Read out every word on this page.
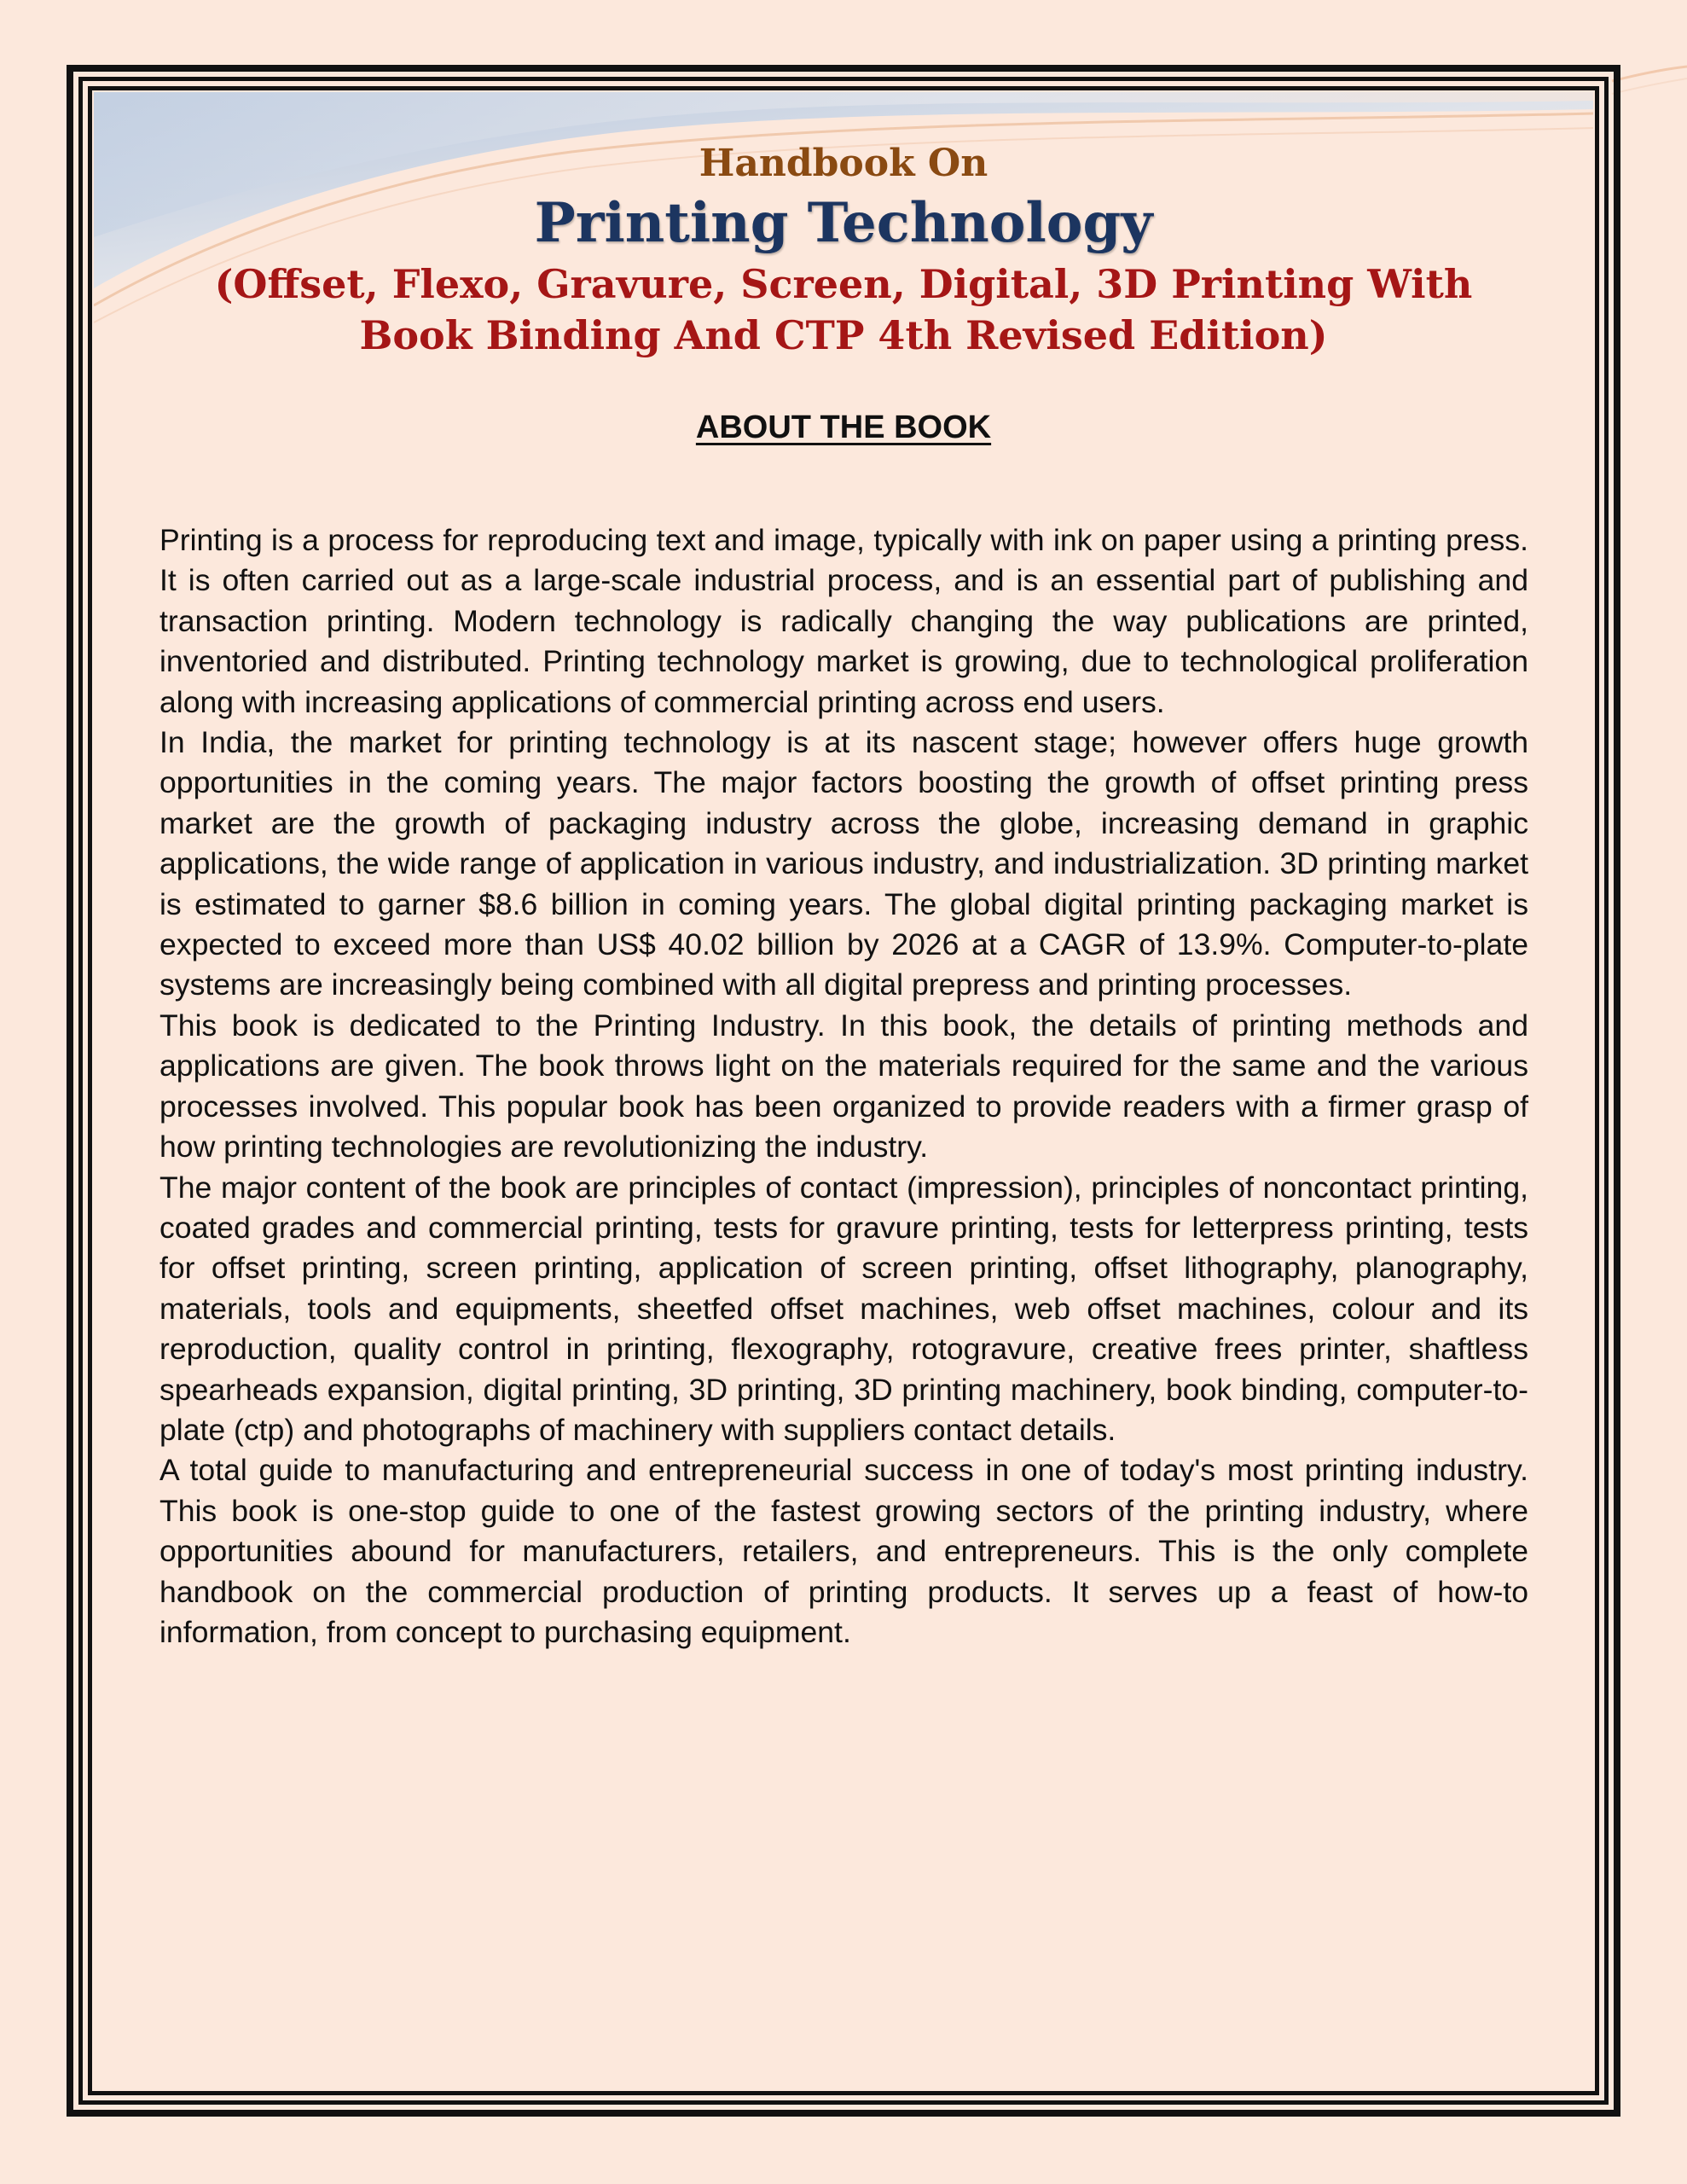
Handbook On

Printing Technology

(Offset, Flexo, Gravure, Screen, Digital, 3D Printing With Book Binding And CTP 4th Revised Edition)

ABOUT THE BOOK

Printing is a process for reproducing text and image, typically with ink on paper using a printing press. It is often carried out as a large-scale industrial process, and is an essential part of publishing and transaction printing. Modern technology is radically changing the way publications are printed, inventoried and distributed. Printing technology market is growing, due to technological proliferation along with increasing applications of commercial printing across end users.

In India, the market for printing technology is at its nascent stage; however offers huge growth opportunities in the coming years. The major factors boosting the growth of offset printing press market are the growth of packaging industry across the globe, increasing demand in graphic applications, the wide range of application in various industry, and industrialization. 3D printing market is estimated to garner $8.6 billion in coming years. The global digital printing packaging market is expected to exceed more than US$ 40.02 billion by 2026 at a CAGR of 13.9%. Computer-to-plate systems are increasingly being combined with all digital prepress and printing processes.

This book is dedicated to the Printing Industry. In this book, the details of printing methods and applications are given. The book throws light on the materials required for the same and the various processes involved. This popular book has been organized to provide readers with a firmer grasp of how printing technologies are revolutionizing the industry.

The major content of the book are principles of contact (impression), principles of noncontact printing, coated grades and commercial printing, tests for gravure printing, tests for letterpress printing, tests for offset printing, screen printing, application of screen printing, offset lithography, planography, materials, tools and equipments, sheetfed offset machines, web offset machines, colour and its reproduction, quality control in printing, flexography, rotogravure, creative frees printer, shaftless spearheads expansion, digital printing, 3D printing, 3D printing machinery, book binding, computer-to-plate (ctp) and photographs of machinery with suppliers contact details.

A total guide to manufacturing and entrepreneurial success in one of today's most printing industry. This book is one-stop guide to one of the fastest growing sectors of the printing industry, where opportunities abound for manufacturers, retailers, and entrepreneurs. This is the only complete handbook on the commercial production of printing products. It serves up a feast of how-to information, from concept to purchasing equipment.
